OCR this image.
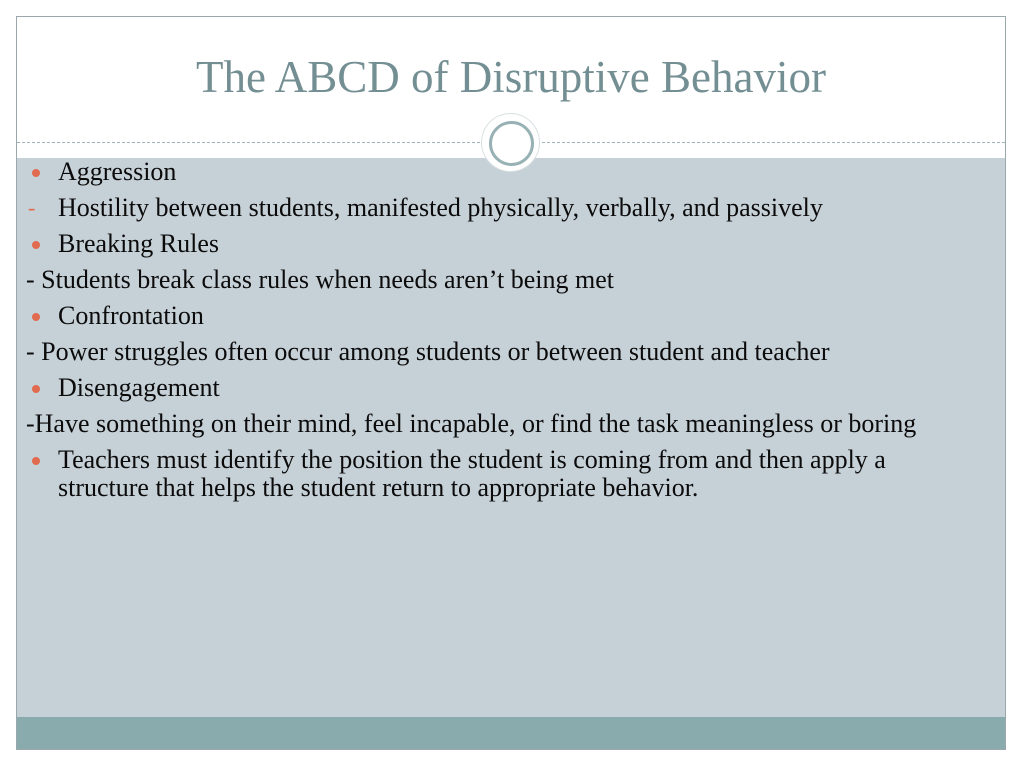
The ABCD of Disruptive Behavior
Aggression
- Hostility between students, manifested physically, verbally, and passively
Breaking Rules
- Students break class rules when needs aren’t being met
Confrontation
- Power struggles often occur among students or between student and teacher
Disengagement
-Have something on their mind, feel incapable, or find the task meaningless or boring
Teachers must identify the position the student is coming from and then apply a structure that helps the student return to appropriate behavior.
